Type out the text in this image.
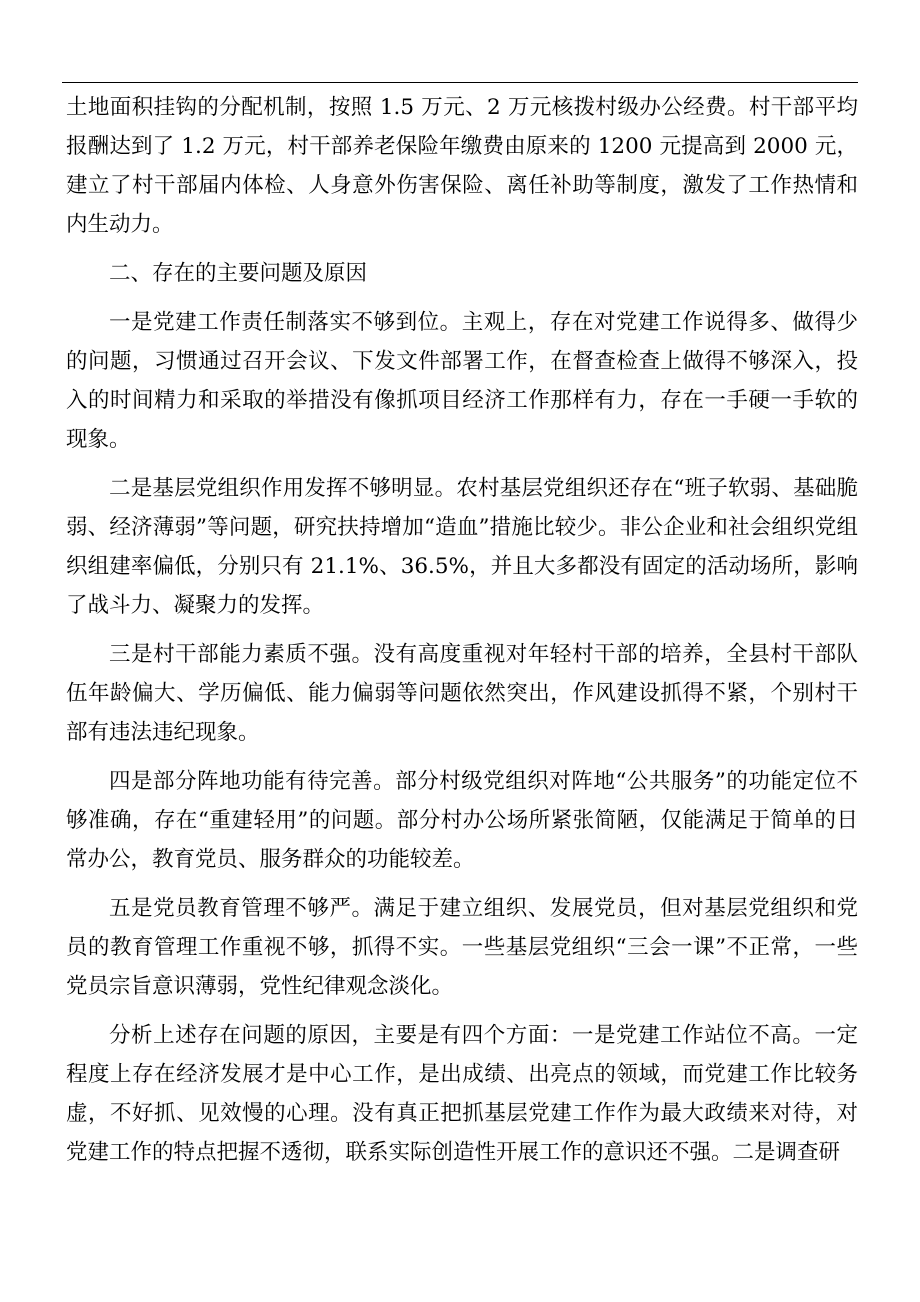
土地面积挂钩的分配机制，按照 1.5 万元、2 万元核拨村级办公经费。村干部平均报酬达到了 1.2 万元，村干部养老保险年缴费由原来的 1200 元提高到 2000 元，建立了村干部届内体检、人身意外伤害保险、离任补助等制度，激发了工作热情和内生动力。

二、存在的主要问题及原因

一是党建工作责任制落实不够到位。主观上，存在对党建工作说得多、做得少的问题，习惯通过召开会议、下发文件部署工作，在督查检查上做得不够深入，投入的时间精力和采取的举措没有像抓项目经济工作那样有力，存在一手硬一手软的现象。

二是基层党组织作用发挥不够明显。农村基层党组织还存在“班子软弱、基础脆弱、经济薄弱”等问题，研究扶持增加“造血”措施比较少。非公企业和社会组织党组织组建率偏低，分别只有 21.1%、36.5%，并且大多都没有固定的活动场所，影响了战斗力、凝聚力的发挥。

三是村干部能力素质不强。没有高度重视对年轻村干部的培养，全县村干部队伍年龄偏大、学历偏低、能力偏弱等问题依然突出，作风建设抓得不紧，个别村干部有违法违纪现象。

四是部分阵地功能有待完善。部分村级党组织对阵地“公共服务”的功能定位不够准确，存在“重建轻用”的问题。部分村办公场所紧张简陋，仅能满足于简单的日常办公，教育党员、服务群众的功能较差。

五是党员教育管理不够严。满足于建立组织、发展党员，但对基层党组织和党员的教育管理工作重视不够，抓得不实。一些基层党组织“三会一课”不正常，一些党员宗旨意识薄弱，党性纪律观念淡化。

分析上述存在问题的原因，主要是有四个方面：一是党建工作站位不高。一定程度上存在经济发展才是中心工作，是出成绩、出亮点的领域，而党建工作比较务虚，不好抓、见效慢的心理。没有真正把抓基层党建工作作为最大政绩来对待，对党建工作的特点把握不透彻，联系实际创造性开展工作的意识还不强。二是调查研
